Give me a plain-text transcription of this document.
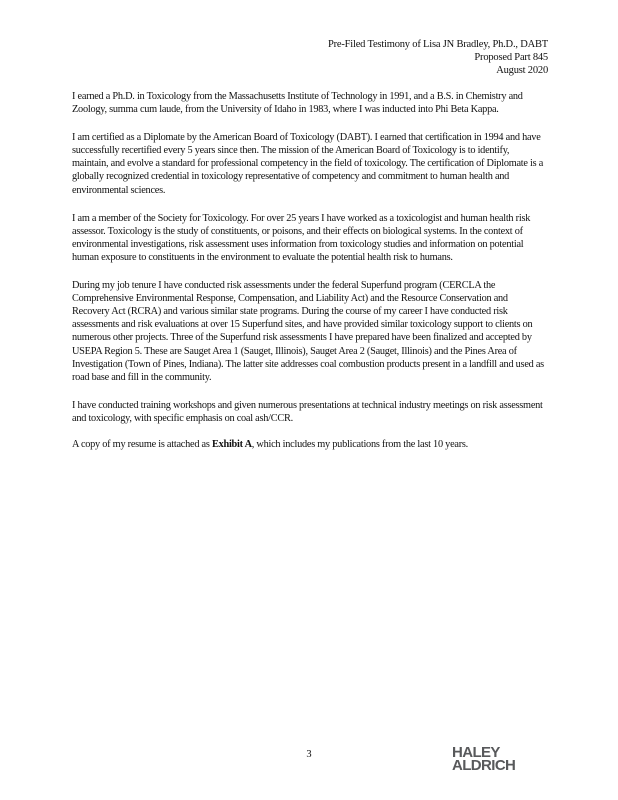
Pre-Filed Testimony of Lisa JN Bradley, Ph.D., DABT
Proposed Part 845
August 2020

I earned a Ph.D. in Toxicology from the Massachusetts Institute of Technology in 1991, and a B.S. in Chemistry and Zoology, summa cum laude, from the University of Idaho in 1983, where I was inducted into Phi Beta Kappa.

I am certified as a Diplomate by the American Board of Toxicology (DABT). I earned that certification in 1994 and have successfully recertified every 5 years since then. The mission of the American Board of Toxicology is to identify, maintain, and evolve a standard for professional competency in the field of toxicology. The certification of Diplomate is a globally recognized credential in toxicology representative of competency and commitment to human health and environmental sciences.

I am a member of the Society for Toxicology. For over 25 years I have worked as a toxicologist and human health risk assessor. Toxicology is the study of constituents, or poisons, and their effects on biological systems. In the context of environmental investigations, risk assessment uses information from toxicology studies and information on potential human exposure to constituents in the environment to evaluate the potential health risk to humans.

During my job tenure I have conducted risk assessments under the federal Superfund program (CERCLA the Comprehensive Environmental Response, Compensation, and Liability Act) and the Resource Conservation and Recovery Act (RCRA) and various similar state programs. During the course of my career I have conducted risk assessments and risk evaluations at over 15 Superfund sites, and have provided similar toxicology support to clients on numerous other projects. Three of the Superfund risk assessments I have prepared have been finalized and accepted by USEPA Region 5. These are Sauget Area 1 (Sauget, Illinois), Sauget Area 2 (Sauget, Illinois) and the Pines Area of Investigation (Town of Pines, Indiana). The latter site addresses coal combustion products present in a landfill and used as road base and fill in the community.

I have conducted training workshops and given numerous presentations at technical industry meetings on risk assessment and toxicology, with specific emphasis on coal ash/CCR.

A copy of my resume is attached as Exhibit A, which includes my publications from the last 10 years.

3	HALEY
ALDRICH
